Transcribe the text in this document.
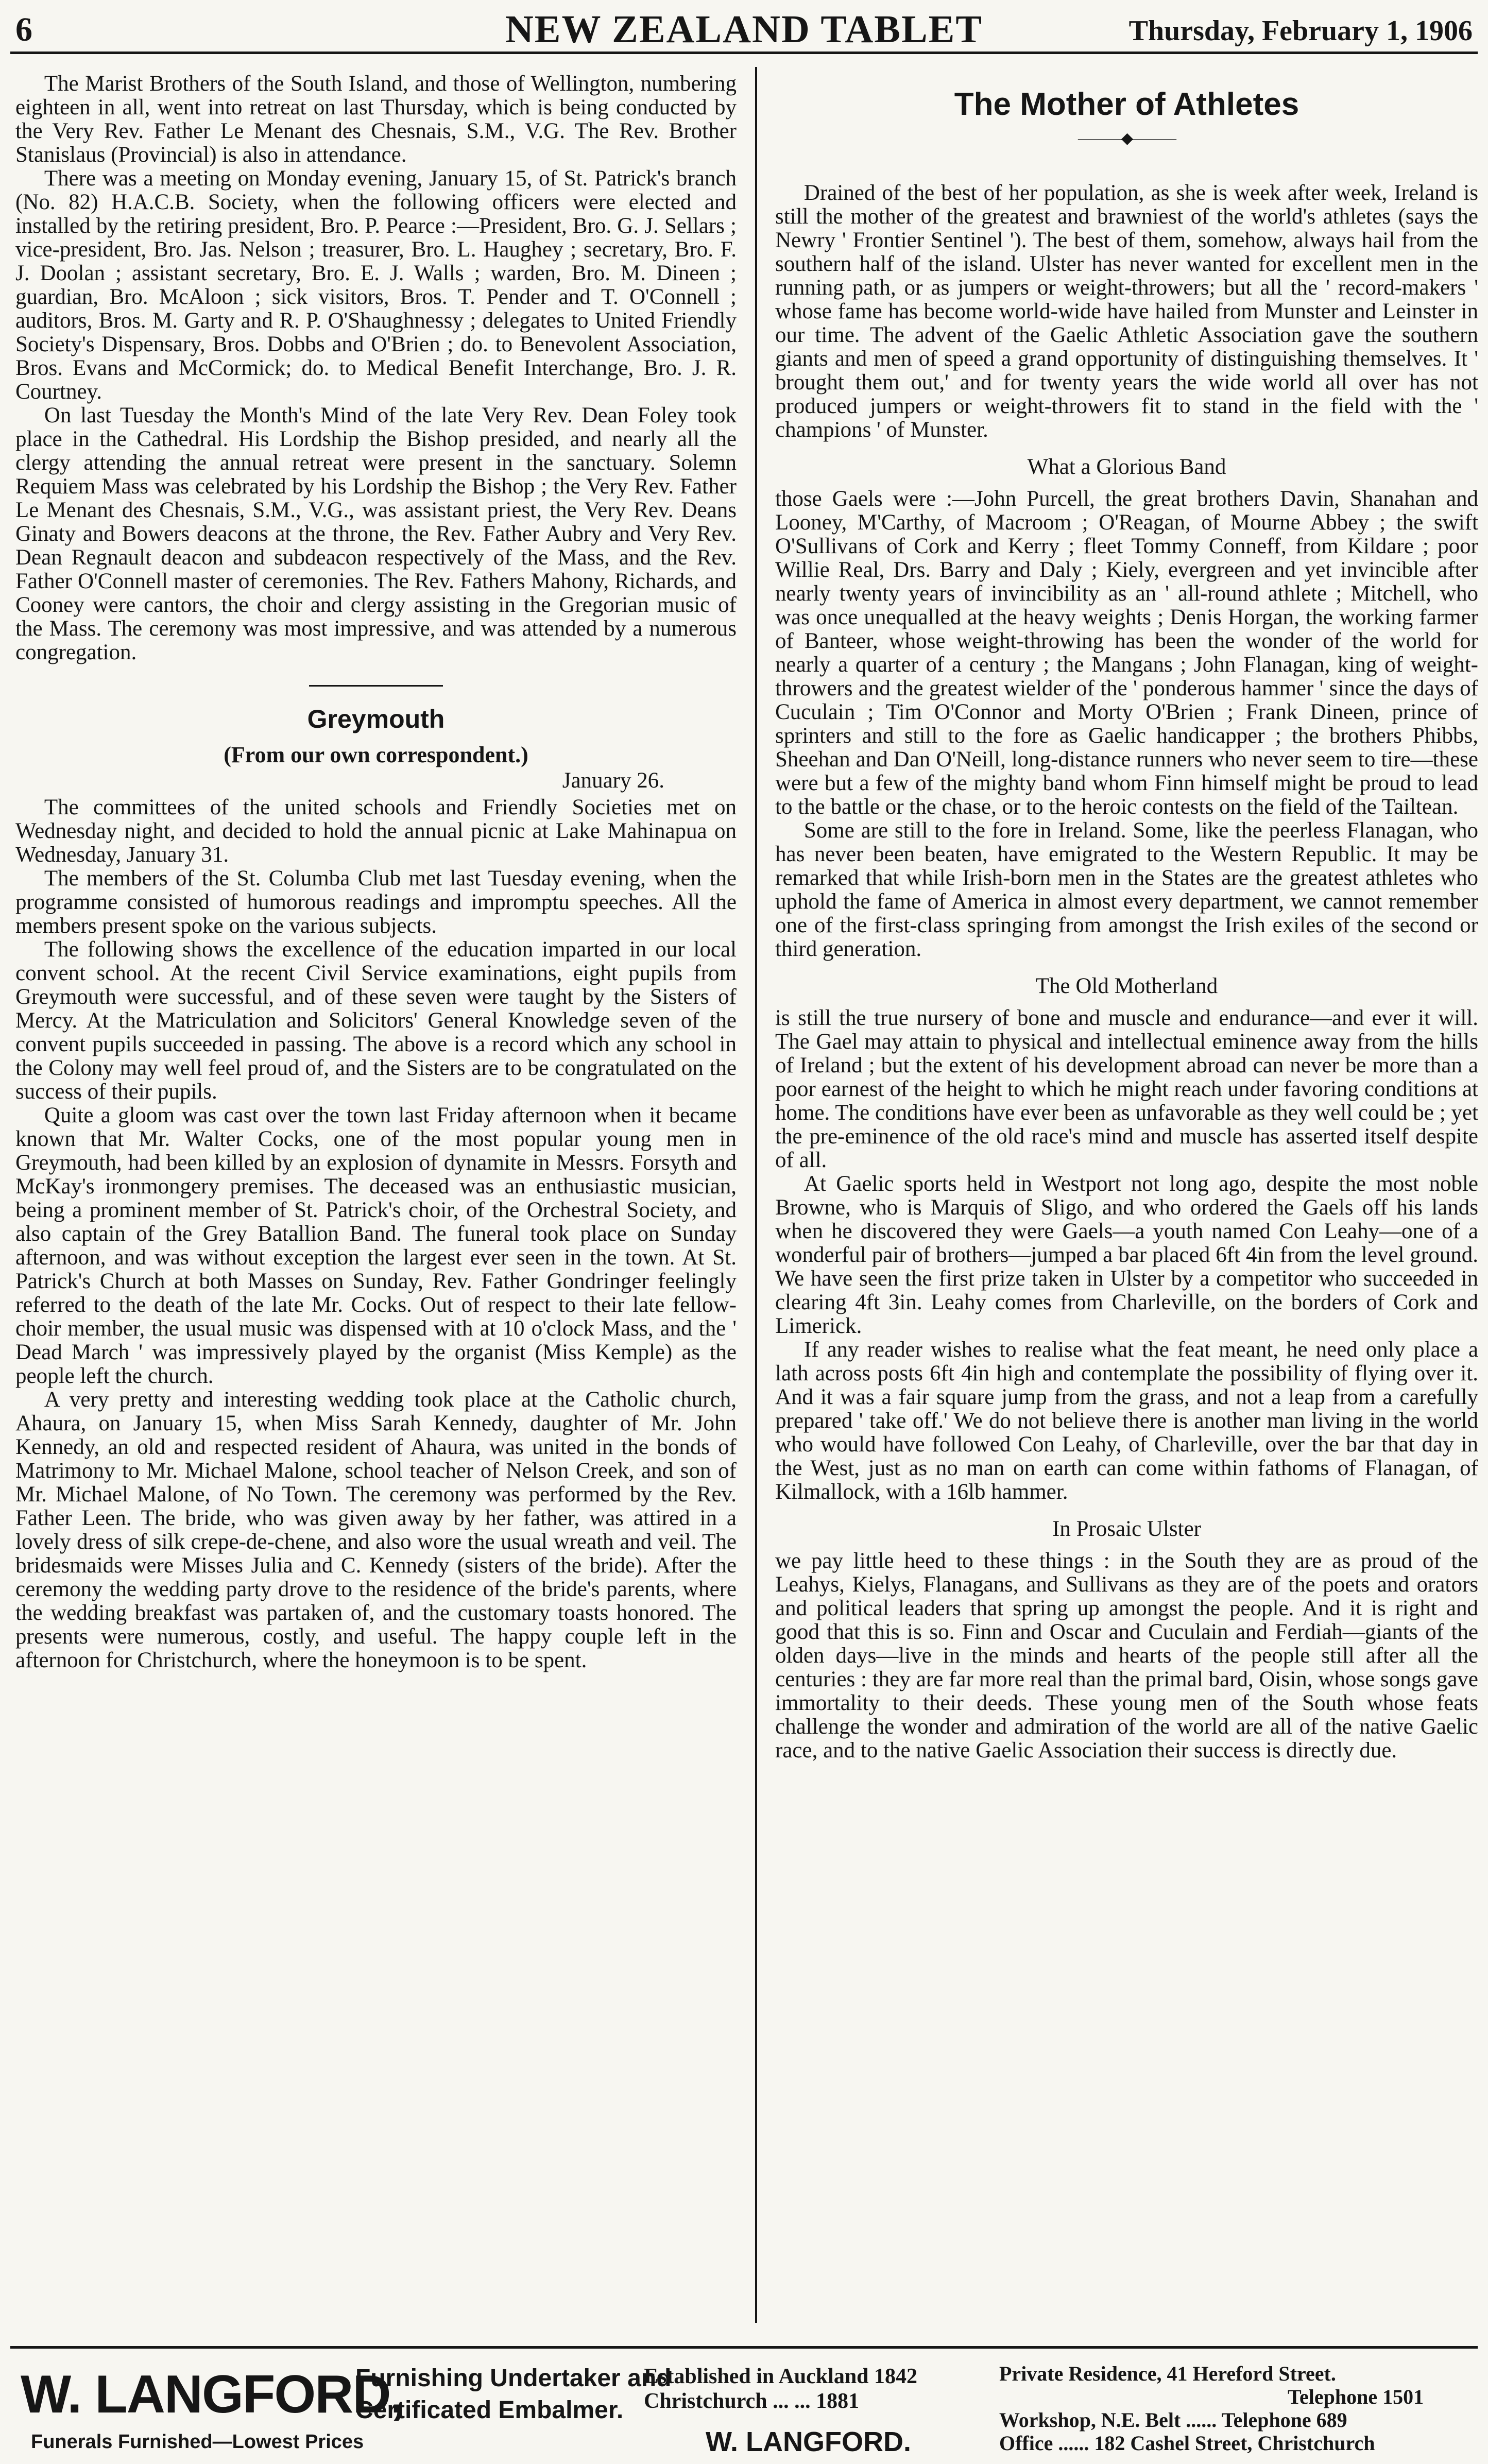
6	NEW ZEALAND TABLET	Thursday, February 1, 1906

The Marist Brothers of the South Island, and those of Wellington, numbering eighteen in all, went into retreat on last Thursday, which is being conducted by the Very Rev. Father Le Menant des Chesnais, S.M., V.G. The Rev. Brother Stanislaus (Provincial) is also in attendance.

There was a meeting on Monday evening, January 15, of St. Patrick's branch (No. 82) H.A.C.B. Society, when the following officers were elected and installed by the retiring president, Bro. P. Pearce :—President, Bro. G. J. Sellars ; vice-president, Bro. Jas. Nelson ; treasurer, Bro. L. Haughey ; secretary, Bro. F. J. Doolan ; assistant secretary, Bro. E. J. Walls ; warden, Bro. M. Dineen ; guardian, Bro. McAloon ; sick visitors, Bros. T. Pender and T. O'Connell ; auditors, Bros. M. Garty and R. P. O'Shaughnessy ; delegates to United Friendly Society's Dispensary, Bros. Dobbs and O'Brien ; do. to Benevolent Association, Bros. Evans and McCormick; do. to Medical Benefit Interchange, Bro. J. R. Courtney.

On last Tuesday the Month's Mind of the late Very Rev. Dean Foley took place in the Cathedral. His Lordship the Bishop presided, and nearly all the clergy attending the annual retreat were present in the sanctuary. Solemn Requiem Mass was celebrated by his Lordship the Bishop ; the Very Rev. Father Le Menant des Chesnais, S.M., V.G., was assistant priest, the Very Rev. Deans Ginaty and Bowers deacons at the throne, the Rev. Father Aubry and Very Rev. Dean Regnault deacon and subdeacon respectively of the Mass, and the Rev. Father O'Connell master of ceremonies. The Rev. Fathers Mahony, Richards, and Cooney were cantors, the choir and clergy assisting in the Gregorian music of the Mass. The ceremony was most impressive, and was attended by a numerous congregation.

Greymouth
(From our own correspondent.)
January 26.

The committees of the united schools and Friendly Societies met on Wednesday night, and decided to hold the annual picnic at Lake Mahinapua on Wednesday, January 31.

The members of the St. Columba Club met last Tuesday evening, when the programme consisted of humorous readings and impromptu speeches. All the members present spoke on the various subjects.

The following shows the excellence of the education imparted in our local convent school. At the recent Civil Service examinations, eight pupils from Greymouth were successful, and of these seven were taught by the Sisters of Mercy. At the Matriculation and Solicitors' General Knowledge seven of the convent pupils succeeded in passing. The above is a record which any school in the Colony may well feel proud of, and the Sisters are to be congratulated on the success of their pupils.

Quite a gloom was cast over the town last Friday afternoon when it became known that Mr. Walter Cocks, one of the most popular young men in Greymouth, had been killed by an explosion of dynamite in Messrs. Forsyth and McKay's ironmongery premises. The deceased was an enthusiastic musician, being a prominent member of St. Patrick's choir, of the Orchestral Society, and also captain of the Grey Batallion Band. The funeral took place on Sunday afternoon, and was without exception the largest ever seen in the town. At St. Patrick's Church at both Masses on Sunday, Rev. Father Gondringer feelingly referred to the death of the late Mr. Cocks. Out of respect to their late fellow-choir member, the usual music was dispensed with at 10 o'clock Mass, and the ' Dead March ' was impressively played by the organist (Miss Kemple) as the people left the church.

A very pretty and interesting wedding took place at the Catholic church, Ahaura, on January 15, when Miss Sarah Kennedy, daughter of Mr. John Kennedy, an old and respected resident of Ahaura, was united in the bonds of Matrimony to Mr. Michael Malone, school teacher of Nelson Creek, and son of Mr. Michael Malone, of No Town. The ceremony was performed by the Rev. Father Leen. The bride, who was given away by her father, was attired in a lovely dress of silk crepe-de-chene, and also wore the usual wreath and veil. The bridesmaids were Misses Julia and C. Kennedy (sisters of the bride). After the ceremony the wedding party drove to the residence of the bride's parents, where the wedding breakfast was partaken of, and the customary toasts honored. The presents were numerous, costly, and useful. The happy couple left in the afternoon for Christchurch, where the honeymoon is to be spent.

The Mother of Athletes
———◆———

Drained of the best of her population, as she is week after week, Ireland is still the mother of the greatest and brawniest of the world's athletes (says the Newry ' Frontier Sentinel '). The best of them, somehow, always hail from the southern half of the island. Ulster has never wanted for excellent men in the running path, or as jumpers or weight-throwers; but all the ' record-makers ' whose fame has become world-wide have hailed from Munster and Leinster in our time. The advent of the Gaelic Athletic Association gave the southern giants and men of speed a grand opportunity of distinguishing themselves. It ' brought them out,' and for twenty years the wide world all over has not produced jumpers or weight-throwers fit to stand in the field with the ' champions ' of Munster.

What a Glorious Band

those Gaels were :—John Purcell, the great brothers Davin, Shanahan and Looney, M'Carthy, of Macroom ; O'Reagan, of Mourne Abbey ; the swift O'Sullivans of Cork and Kerry ; fleet Tommy Conneff, from Kildare ; poor Willie Real, Drs. Barry and Daly ; Kiely, evergreen and yet invincible after nearly twenty years of invincibility as an ' all-round athlete ; Mitchell, who was once unequalled at the heavy weights ; Denis Horgan, the working farmer of Banteer, whose weight-throwing has been the wonder of the world for nearly a quarter of a century ; the Mangans ; John Flanagan, king of weight-throwers and the greatest wielder of the ' ponderous hammer ' since the days of Cuculain ; Tim O'Connor and Morty O'Brien ; Frank Dineen, prince of sprinters and still to the fore as Gaelic handicapper ; the brothers Phibbs, Sheehan and Dan O'Neill, long-distance runners who never seem to tire—these were but a few of the mighty band whom Finn himself might be proud to lead to the battle or the chase, or to the heroic contests on the field of the Tailtean.

Some are still to the fore in Ireland. Some, like the peerless Flanagan, who has never been beaten, have emigrated to the Western Republic. It may be remarked that while Irish-born men in the States are the greatest athletes who uphold the fame of America in almost every department, we cannot remember one of the first-class springing from amongst the Irish exiles of the second or third generation.

The Old Motherland

is still the true nursery of bone and muscle and endurance—and ever it will. The Gael may attain to physical and intellectual eminence away from the hills of Ireland ; but the extent of his development abroad can never be more than a poor earnest of the height to which he might reach under favoring conditions at home. The conditions have ever been as unfavorable as they well could be ; yet the pre-eminence of the old race's mind and muscle has asserted itself despite of all.

At Gaelic sports held in Westport not long ago, despite the most noble Browne, who is Marquis of Sligo, and who ordered the Gaels off his lands when he discovered they were Gaels—a youth named Con Leahy—one of a wonderful pair of brothers—jumped a bar placed 6ft 4in from the level ground. We have seen the first prize taken in Ulster by a competitor who succeeded in clearing 4ft 3in. Leahy comes from Charleville, on the borders of Cork and Limerick.

If any reader wishes to realise what the feat meant, he need only place a lath across posts 6ft 4in high and contemplate the possibility of flying over it. And it was a fair square jump from the grass, and not a leap from a carefully prepared ' take off.' We do not believe there is another man living in the world who would have followed Con Leahy, of Charleville, over the bar that day in the West, just as no man on earth can come within fathoms of Flanagan, of Kilmallock, with a 16lb hammer.

In Prosaic Ulster

we pay little heed to these things : in the South they are as proud of the Leahys, Kielys, Flanagans, and Sullivans as they are of the poets and orators and political leaders that spring up amongst the people. And it is right and good that this is so. Finn and Oscar and Cuculain and Ferdiah—giants of the olden days—live in the minds and hearts of the people still after all the centuries : they are far more real than the primal bard, Oisin, whose songs gave immortality to their deeds. These young men of the South whose feats challenge the wonder and admiration of the world are all of the native Gaelic race, and to the native Gaelic Association their success is directly due.

W. LANGFORD,
Furnishing Undertaker and
Certificated Embalmer.
Funerals Furnished—Lowest Prices
Established in Auckland 1842
Christchurch ... ... 1881
W. LANGFORD.
Private Residence, 41 Hereford Street.
Telephone 1501
Workshop, N.E. Belt ...... Telephone 689
Office ...... 182 Cashel Street, Christchurch
